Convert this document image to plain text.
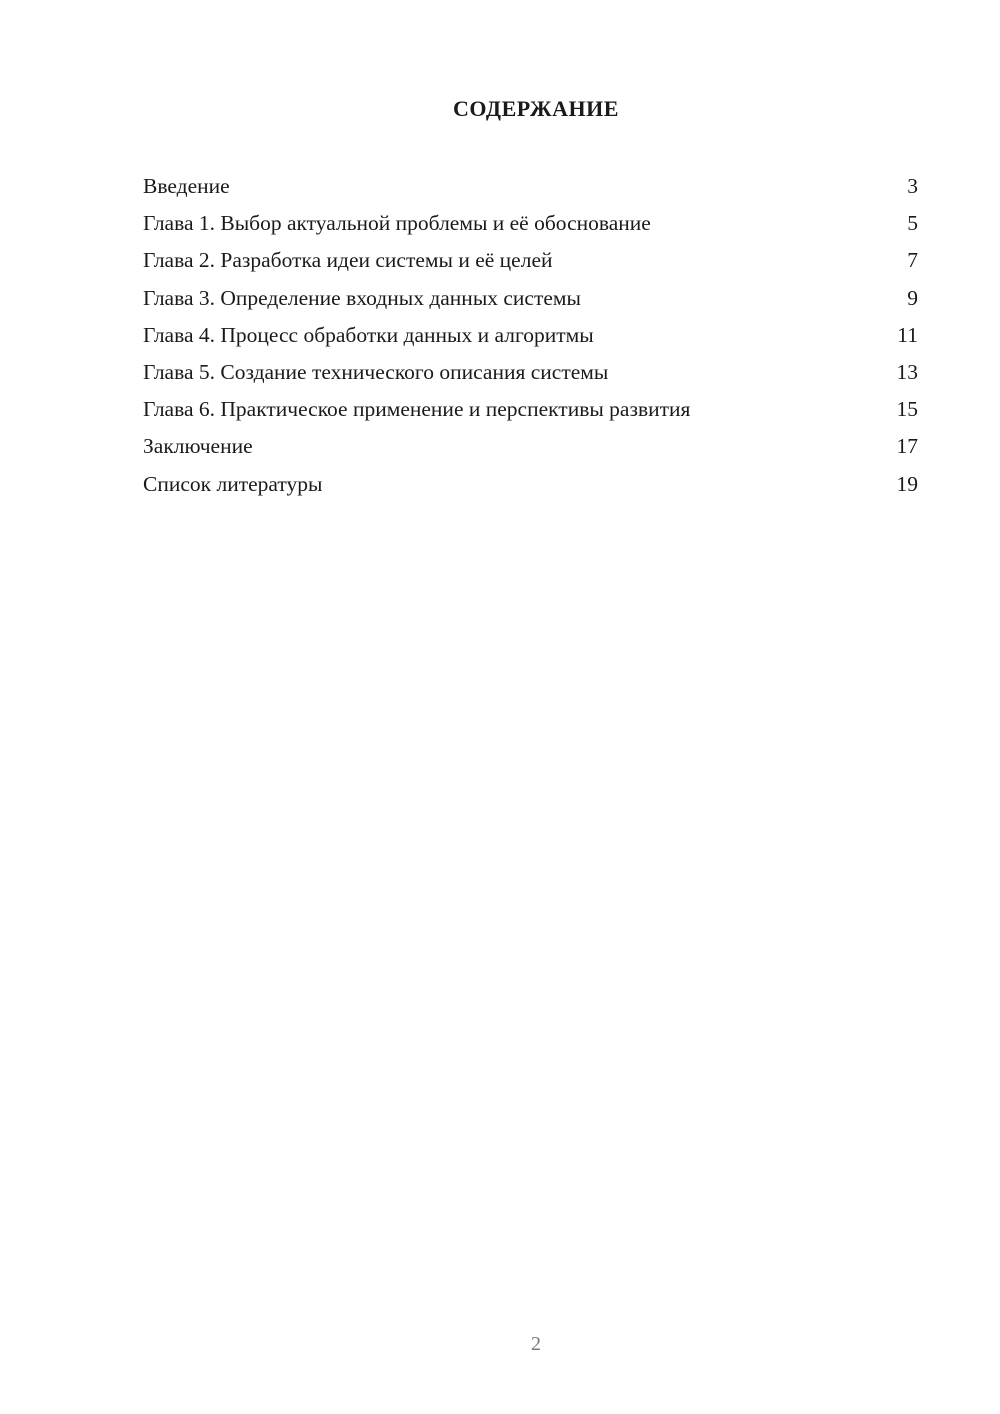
СОДЕРЖАНИЕ
Введение	3
Глава 1. Выбор актуальной проблемы и её обоснование	5
Глава 2. Разработка идеи системы и её целей	7
Глава 3. Определение входных данных системы	9
Глава 4. Процесс обработки данных и алгоритмы	11
Глава 5. Создание технического описания системы	13
Глава 6. Практическое применение и перспективы развития	15
Заключение	17
Список литературы	19
2
